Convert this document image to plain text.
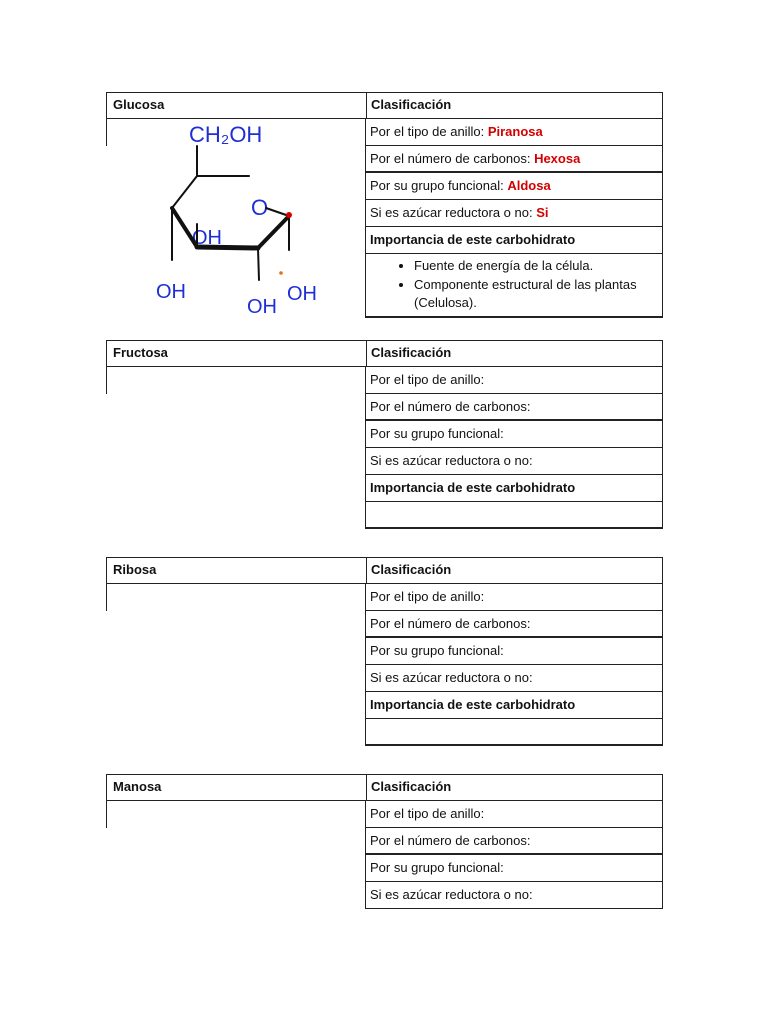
Glucosa	Clasificación
CH₂OH
O
OH
OH
OH
OH
Por el tipo de anillo: Piranosa
Por el número de carbonos: Hexosa
Por su grupo funcional: Aldosa
Si es azúcar reductora o no: Si
Importancia de este carbohidrato
• Fuente de energía de la célula.
• Componente estructural de las plantas (Celulosa).
Fructosa	Clasificación
Por el tipo de anillo:
Por el número de carbonos:
Por su grupo funcional:
Si es azúcar reductora o no:
Importancia de este carbohidrato
Ribosa	Clasificación
Por el tipo de anillo:
Por el número de carbonos:
Por su grupo funcional:
Si es azúcar reductora o no:
Importancia de este carbohidrato
Manosa	Clasificación
Por el tipo de anillo:
Por el número de carbonos:
Por su grupo funcional:
Si es azúcar reductora o no:
